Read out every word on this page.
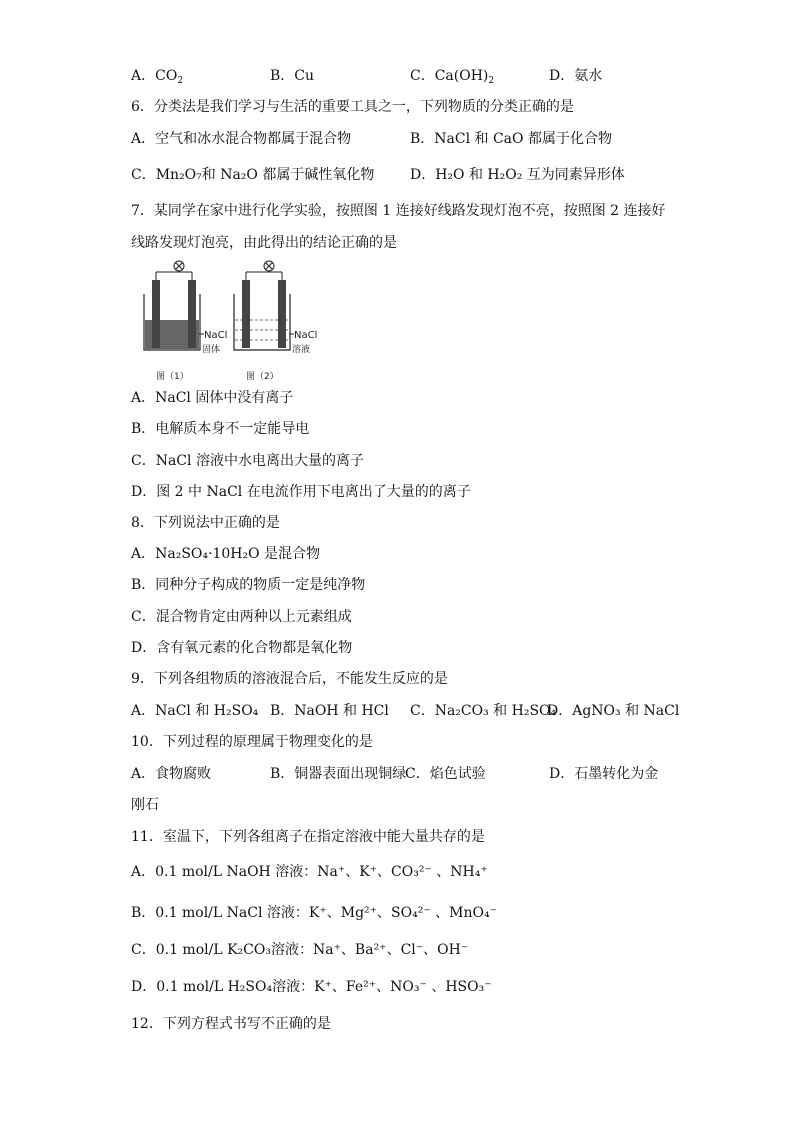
A．$CO_2$	B．Cu	C．$Ca(OH)_2$	D．氨水
6．分类法是我们学习与生活的重要工具之一，下列物质的分类正确的是
A．空气和冰水混合物都属于混合物	B．NaCl 和 CaO 都属于化合物
C．Mn₂O₇和 Na₂O 都属于碱性氧化物	D．H₂O 和 H₂O₂ 互为同素异形体
7．某同学在家中进行化学实验，按照图 1 连接好线路发现灯泡不亮，按照图 2 连接好
线路发现灯泡亮，由此得出的结论正确的是
NaCl
固体
图（1）
NaCl
溶液
图（2）
A．NaCl 固体中没有离子
B．电解质本身不一定能导电
C．NaCl 溶液中水电离出大量的离子
D．图 2 中 NaCl 在电流作用下电离出了大量的的离子
8．下列说法中正确的是
A．Na₂SO₄·10H₂O 是混合物
B．同种分子构成的物质一定是纯净物
C．混合物肯定由两种以上元素组成
D．含有氧元素的化合物都是氧化物
9．下列各组物质的溶液混合后，不能发生反应的是
A．NaCl 和 H₂SO₄ B．NaOH 和 HCl C．Na₂CO₃ 和 H₂SO₄
D．AgNO₃ 和 NaCl
10．下列过程的原理属于物理变化的是
A．食物腐败	B．铜器表面出现铜绿
C．焰色试验	D．石墨转化为金
刚石
11．室温下，下列各组离子在指定溶液中能大量共存的是
A．0.1 mol/L NaOH 溶液：Na⁺、K⁺、CO₃²⁻ 、NH₄⁺
B．0.1 mol/L NaCl 溶液：K⁺、Mg²⁺、SO₄²⁻ 、MnO₄⁻
C．0.1 mol/L K₂CO₃溶液：Na⁺、Ba²⁺、Cl⁻、OH⁻
D．0.1 mol/L H₂SO₄溶液：K⁺、Fe²⁺、NO₃⁻ 、HSO₃⁻
12．下列方程式书写不正确的是
